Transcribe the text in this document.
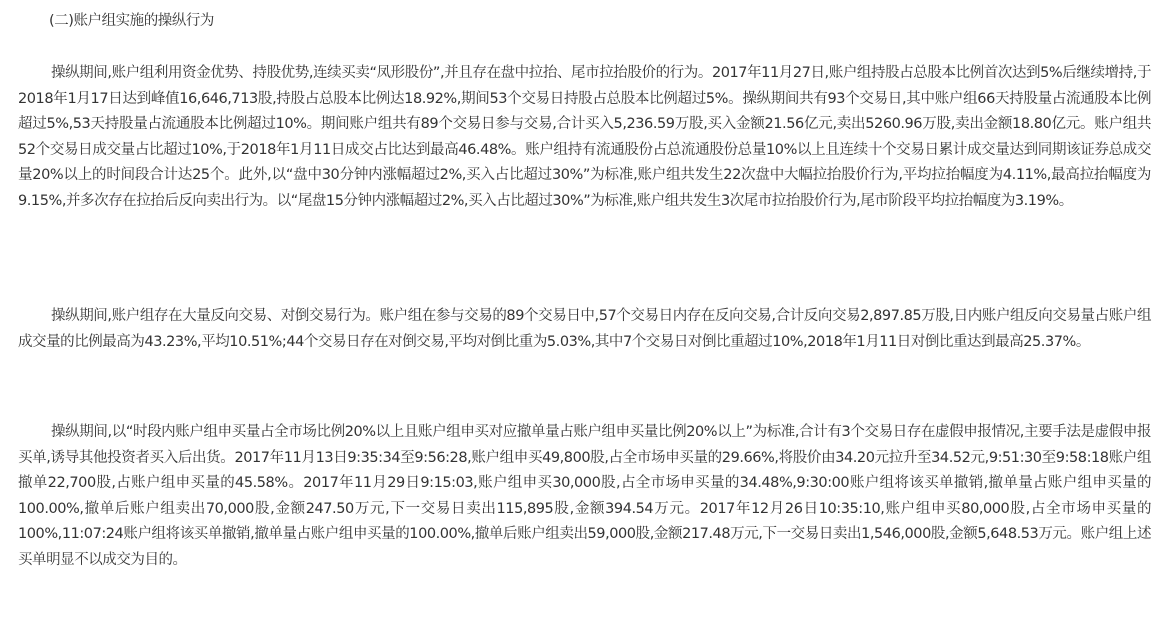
(二)账户组实施的操纵行为

操纵期间,账户组利用资金优势、持股优势,连续买卖“凤形股份”,并且存在盘中拉抬、尾市拉抬股价的行为。2017年11月27日,账户组持股占总股本比例首次达到5%后继续增持,于2018年1月17日达到峰值16,646,713股,持股占总股本比例达18.92%,期间53个交易日持股占总股本比例超过5%。操纵期间共有93个交易日,其中账户组66天持股量占流通股本比例超过5%,53天持股量占流通股本比例超过10%。期间账户组共有89个交易日参与交易,合计买入5,236.59万股,买入金额21.56亿元,卖出5260.96万股,卖出金额18.80亿元。账户组共52个交易日成交量占比超过10%,于2018年1月11日成交占比达到最高46.48%。账户组持有流通股份占总流通股份总量10%以上且连续十个交易日累计成交量达到同期该证券总成交量20%以上的时间段合计达25个。此外,以“盘中30分钟内涨幅超过2%,买入占比超过30%”为标准,账户组共发生22次盘中大幅拉抬股价行为,平均拉抬幅度为4.11%,最高拉抬幅度为9.15%,并多次存在拉抬后反向卖出行为。以“尾盘15分钟内涨幅超过2%,买入占比超过30%”为标准,账户组共发生3次尾市拉抬股价行为,尾市阶段平均拉抬幅度为3.19%。

操纵期间,账户组存在大量反向交易、对倒交易行为。账户组在参与交易的89个交易日中,57个交易日内存在反向交易,合计反向交易2,897.85万股,日内账户组反向交易量占账户组成交量的比例最高为43.23%,平均10.51%;44个交易日存在对倒交易,平均对倒比重为5.03%,其中7个交易日对倒比重超过10%,2018年1月11日对倒比重达到最高25.37%。

操纵期间,以“时段内账户组申买量占全市场比例20%以上且账户组申买对应撤单量占账户组申买量比例20%以上”为标准,合计有3个交易日存在虚假申报情况,主要手法是虚假申报买单,诱导其他投资者买入后出货。2017年11月13日9:35:34至9:56:28,账户组申买49,800股,占全市场申买量的29.66%,将股价由34.20元拉升至34.52元,9:51:30至9:58:18账户组撤单22,700股,占账户组申买量的45.58%。2017年11月29日9:15:03,账户组申买30,000股,占全市场申买量的34.48%,9:30:00账户组将该买单撤销,撤单量占账户组申买量的100.00%,撤单后账户组卖出70,000股,金额247.50万元,下一交易日卖出115,895股,金额394.54万元。2017年12月26日10:35:10,账户组申买80,000股,占全市场申买量的100%,11:07:24账户组将该买单撤销,撤单量占账户组申买量的100.00%,撤单后账户组卖出59,000股,金额217.48万元,下一交易日卖出1,546,000股,金额5,648.53万元。账户组上述买单明显不以成交为目的。
